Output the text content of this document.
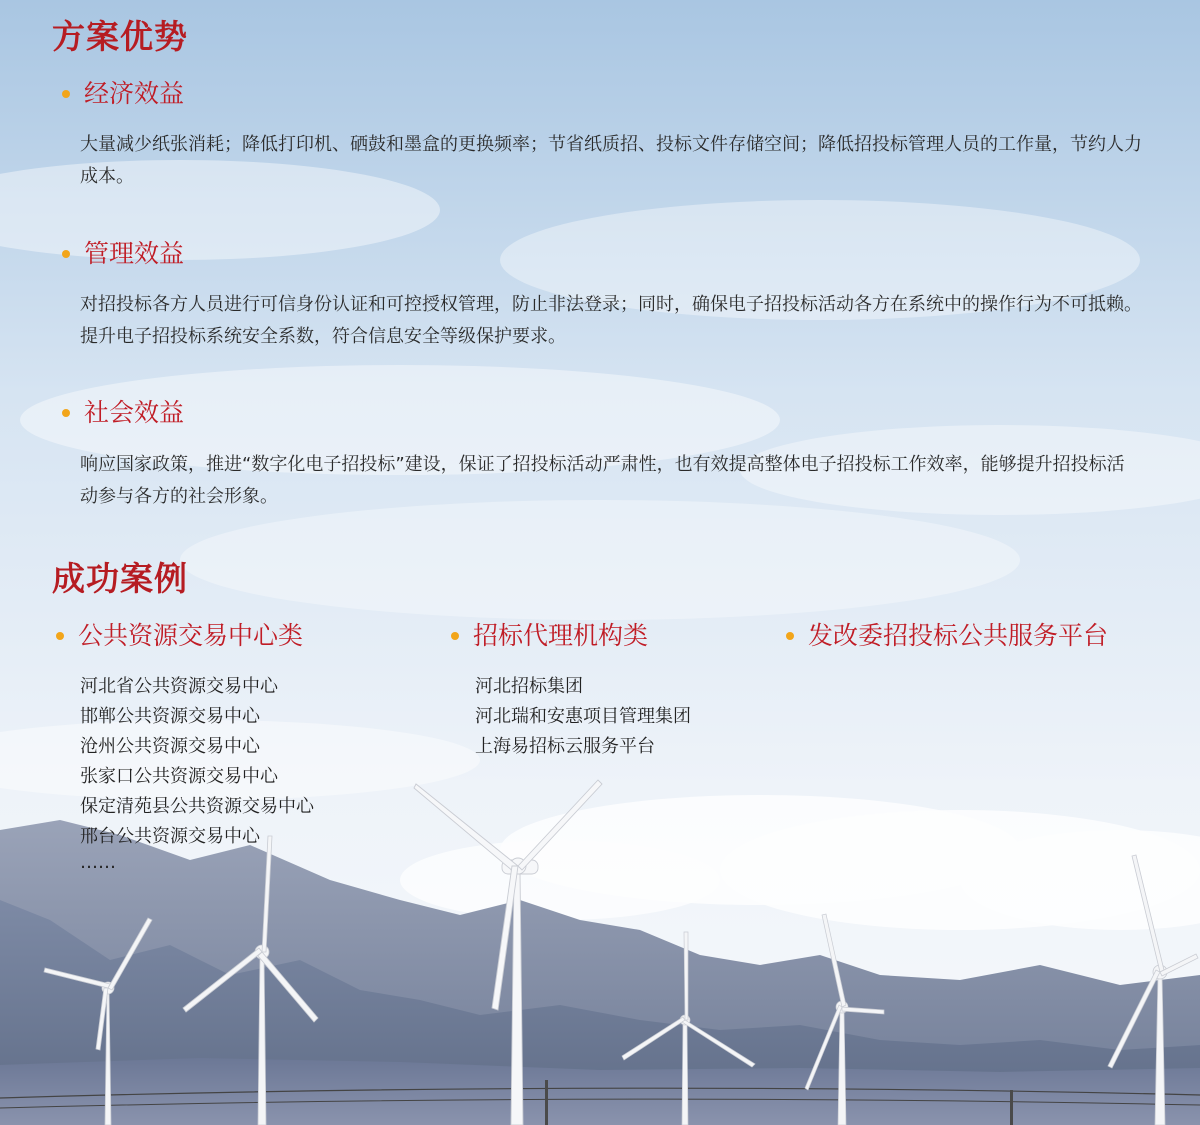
方案优势
经济效益

大量减少纸张消耗；降低打印机、硒鼓和墨盒的更换频率；节省纸质招、投标文件存储空间；降低招投标管理人员的工作量，节约人力成本。

管理效益

对招投标各方人员进行可信身份认证和可控授权管理，防止非法登录；同时，确保电子招投标活动各方在系统中的操作行为不可抵赖。提升电子招投标系统安全系数，符合信息安全等级保护要求。

社会效益

响应国家政策，推进“数字化电子招投标”建设，保证了招投标活动严肃性，也有效提高整体电子招投标工作效率，能够提升招投标活动参与各方的社会形象。

成功案例
公共资源交易中心类	招标代理机构类	发改委招投标公共服务平台
河北省公共资源交易中心
邯郸公共资源交易中心
沧州公共资源交易中心
张家口公共资源交易中心
保定清苑县公共资源交易中心
邢台公共资源交易中心
……
河北招标集团
河北瑞和安惠项目管理集团
上海易招标云服务平台
